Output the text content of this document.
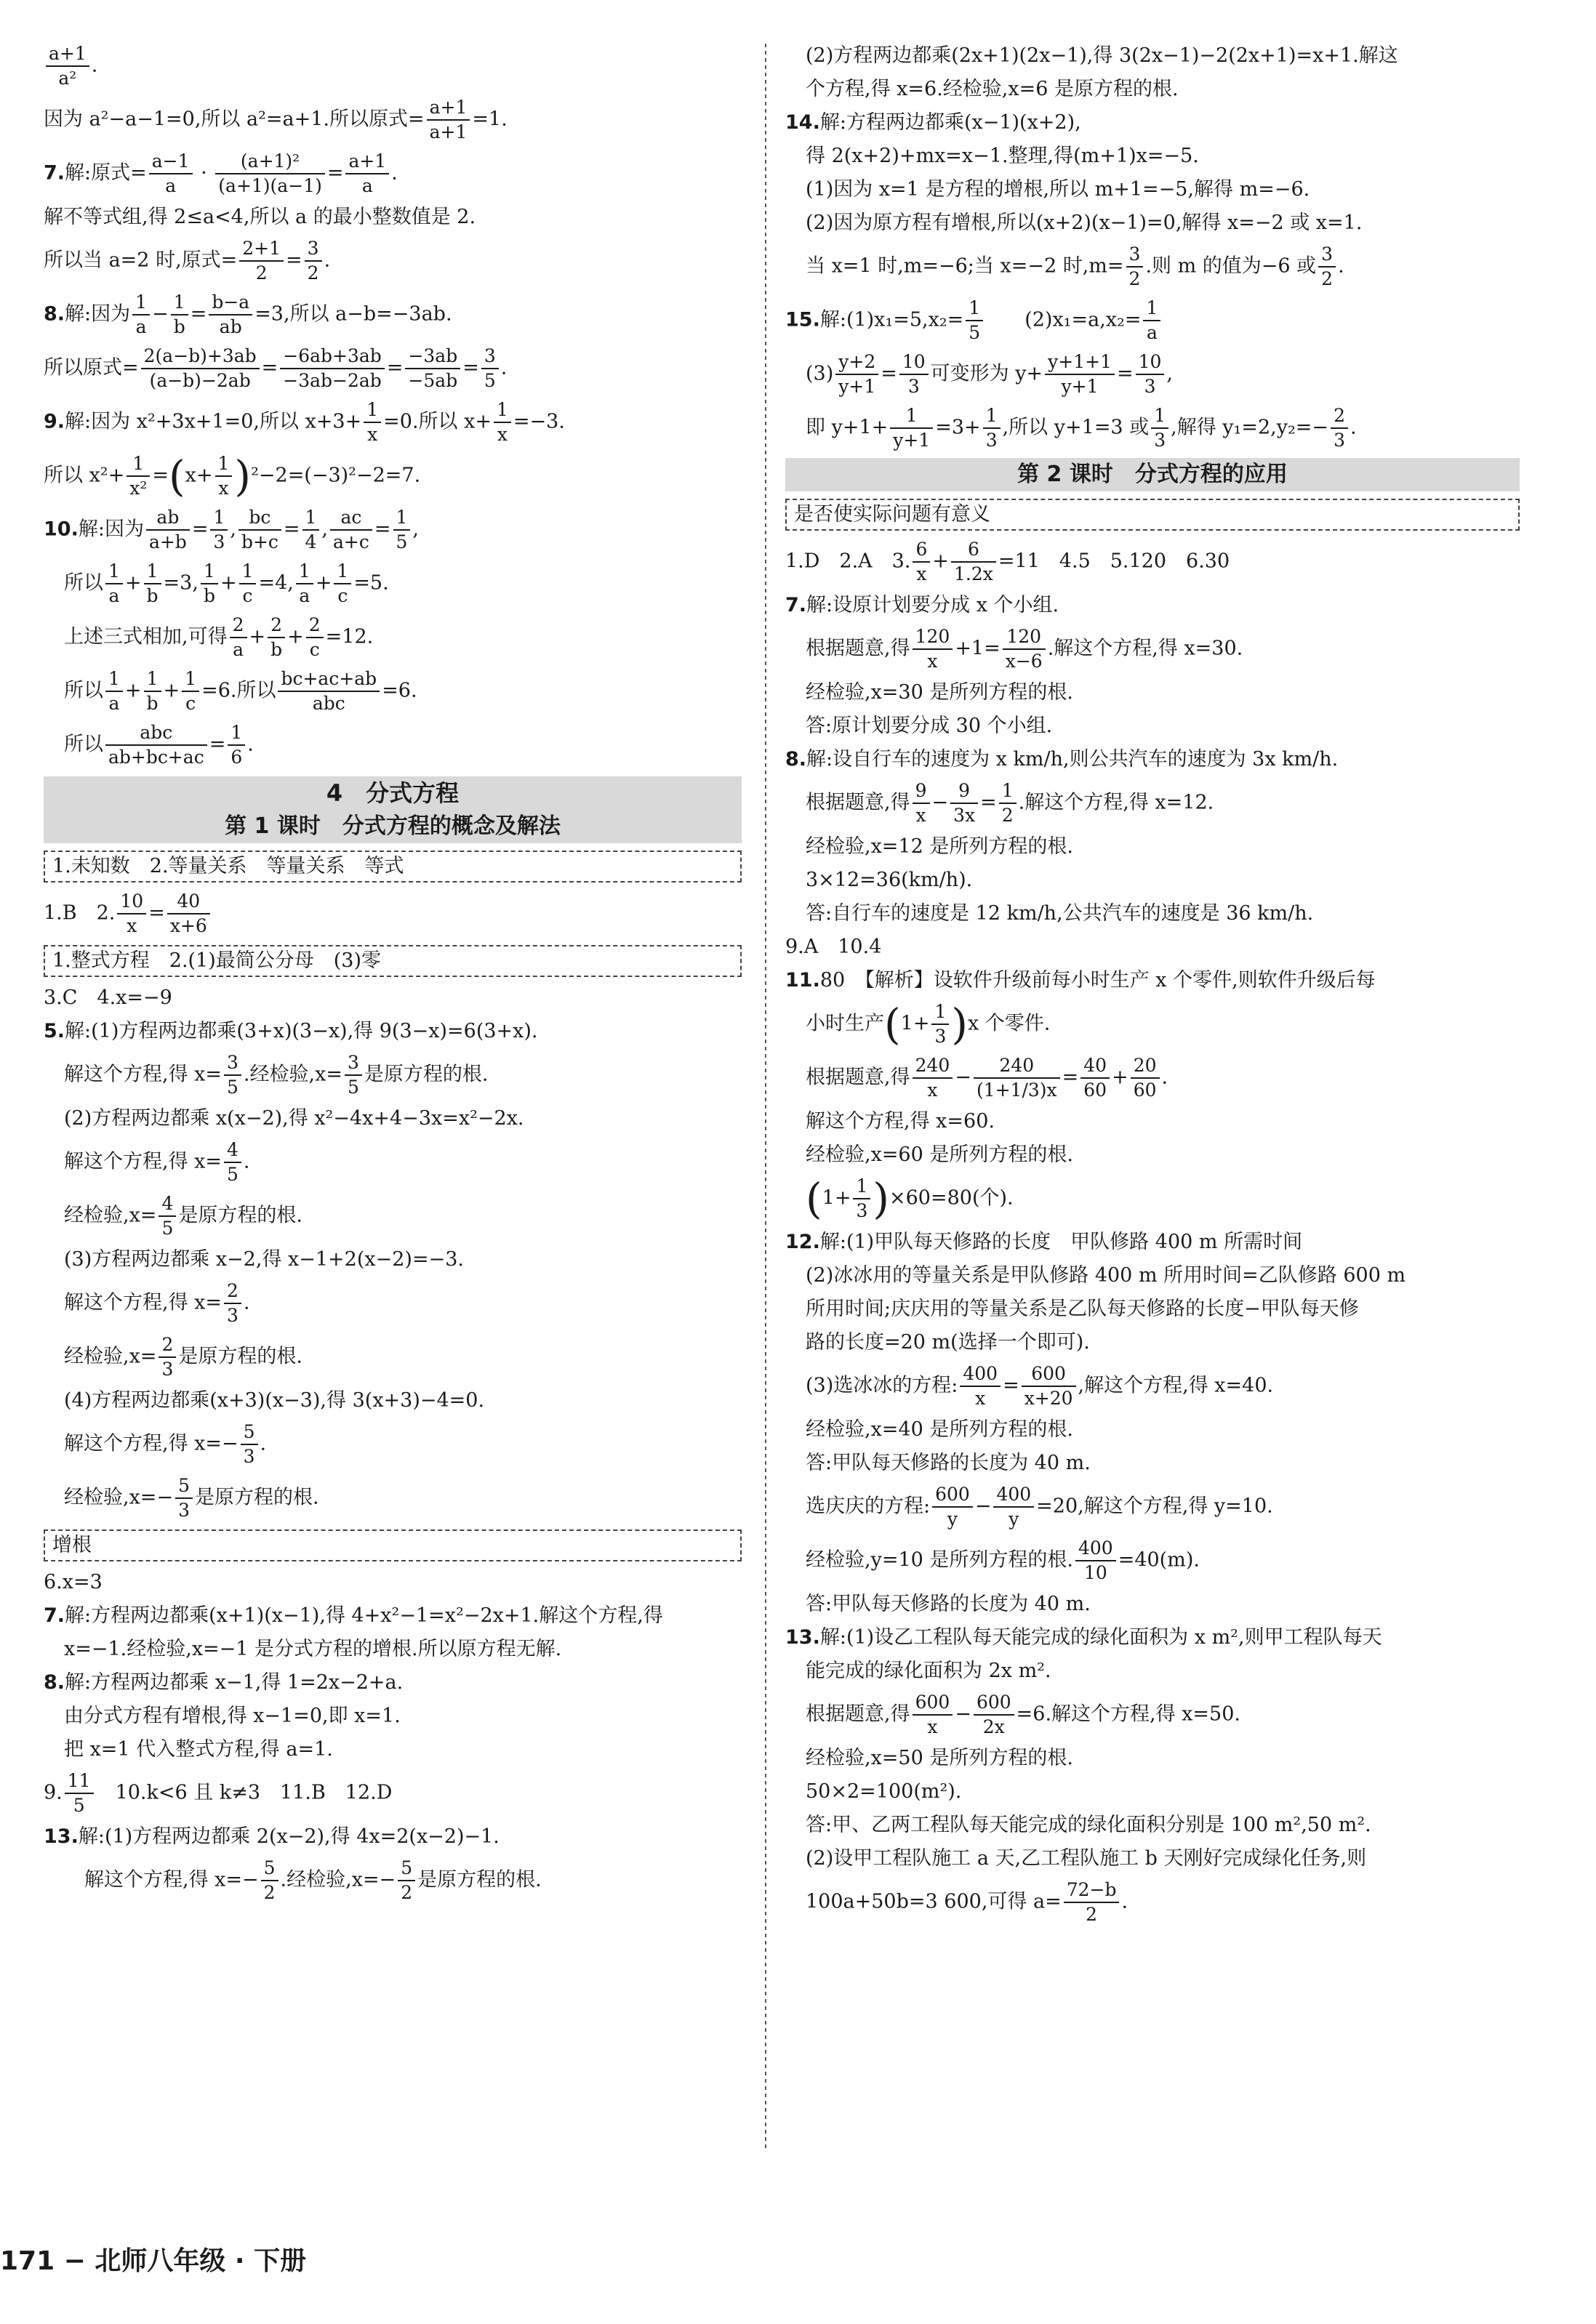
$\frac{a+1}{\text{a²}}$ .
因为 a²−a−1=0,所以 a²=a+1.所以原式= $\frac{a+1}{a+1} =1$.
7.解:原式= $\frac{a-1}{a} \cdot \frac{\text{(a+1)²}}{(a+1)(a-1)} = \frac{a+1}{a}$ .
解不等式组,得 2≤a<4,所以 a 的最小整数值是 2.
所以当 a=2 时,原式= $\frac{2+1}{2} = \frac{3}{2}$ .
8.解:因为 $\frac{1}{a} - \frac{1}{b} = \frac{b-a}{ab} =3$,所以 a−b=−3ab.
所以原式= $\frac{2(a-b)+3ab}{(a-b)-2ab} = \frac{-6ab+3ab}{-3ab-2ab} = \frac{-3ab}{-5ab} = \frac{3}{5}$ .
9.解:因为 x²+3x+1=0,所以 $x+3+ \frac{1}{x} =0$.所以 $x+ \frac{1}{x} =-3$.
所以 $x^2+ \frac{1}{\text{x²}} =(x+ \frac{1}{x} )^2-2=(-3)^2-2=7$.
10.解:因为 $\frac{ab}{a+b} = \frac{1}{3}$ , $\frac{bc}{b+c} = \frac{1}{4}$ , $\frac{ac}{a+c} = \frac{1}{5}$ ,
所以 $\frac{1}{a} + \frac{1}{b} =3$, $\frac{1}{b} + \frac{1}{c} =4$, $\frac{1}{a} + \frac{1}{c} =5$.
上述三式相加,可得 $\frac{2}{a} + \frac{2}{b} + \frac{2}{c} =12$.
所以 $\frac{1}{a} + \frac{1}{b} + \frac{1}{c} =6$.所以
bc+ac+ab
abc
=6.
所以
abc
ab+bc+ac
= $\frac{1}{6}$ .
4　分式方程
第 1 课时　分式方程的概念及解法
1.未知数　2.等量关系　等量关系　等式
1.B　2. $\frac{10}{x} = \frac{40}{x+6}$
1.整式方程　2.(1)最简公分母　(3)零
3.C　4.x=−9
5.解:(1)方程两边都乘(3+x)(3−x),得 9(3−x)=6(3+x).
解这个方程,得 $x= \frac{3}{5}$ .经检验$,x= \frac{3}{5}$ 是原方程的根.
(2)方程两边都乘 x(x−2),得 x²−4x+4−3x=x²−2x.
解这个方程,得 $x= \frac{4}{5}$ .
经检验$,x= \frac{4}{5}$ 是原方程的根.
(3)方程两边都乘 x−2,得 x−1+2(x−2)=−3.
解这个方程,得 $x= \frac{2}{3}$ .
经检验$,x= \frac{2}{3}$ 是原方程的根.
(4)方程两边都乘(x+3)(x−3),得 3(x+3)−4=0.
解这个方程,得 $x=- \frac{5}{3}$ .
经检验$,x=- \frac{5}{3}$ 是原方程的根.
增根
6.x=3
7.解:方程两边都乘(x+1)(x−1),得 4+x²−1=x²−2x+1.解这个方程,得
x=−1.经检验,x=−1 是分式方程的增根.所以原方程无解.
8.解:方程两边都乘 x−1,得 1=2x−2+a.
由分式方程有增根,得 x−1=0,即 x=1.
把 x=1 代入整式方程,得 a=1.
9. $\frac{11}{5}$ 　10.k<6 且 k≠3　11.B　12.D
13.解:(1)方程两边都乘 2(x−2),得 4x=2(x−2)−1.
解这个方程,得 $x=- \frac{5}{2}$ .经检验$,x=- \frac{5}{2}$ 是原方程的根.
(2)方程两边都乘(2x+1)(2x−1),得 3(2x−1)−2(2x+1)=x+1.解这
个方程,得 x=6.经检验,x=6 是原方程的根.
14.解:方程两边都乘(x−1)(x+2),
得 2(x+2)+mx=x−1.整理,得(m+1)x=−5.
(1)因为 x=1 是方程的增根,所以 m+1=−5,解得 m=−6.
(2)因为原方程有增根,所以(x+2)(x−1)=0,解得 x=−2 或 x=1.
当 x=1 时,m=−6;当 x=−2 时$,m= \frac{3}{2}$ .则 m 的值为−6 或 $\frac{3}{2}$ .
15.解:(1)x₁=5,x₂= $\frac{1}{5}$ 　　$(2)x_1=a,x_2= \frac{1}{a}$
$(3) \frac{y+2}{y+1} = \frac{10}{3}$ 可变形为 $y+ \frac{y+1+1}{y+1} = \frac{10}{3}$ ,
即 $y+1+ \frac{1}{y+1} =3+ \frac{1}{3}$ ,所以 y+1=3 或 $\frac{1}{3}$ ,解得 $y_1=2,y_2=- \frac{2}{3}$ .
第 2 课时　分式方程的应用
是否使实际问题有意义
1.D　2.A　3. $\frac{6}{x} + \frac{6}{1.2x} =11$　4.5　5.120　6.30
7.解:设原计划要分成 x 个小组.
根据题意,得 $\frac{120}{x} +1= \frac{120}{x-6}$ .解这个方程,得 x=30.
经检验,x=30 是所列方程的根.
答:原计划要分成 30 个小组.
8.解:设自行车的速度为 x km/h,则公共汽车的速度为 3x km/h.
根据题意,得 $\frac{9}{x} - \frac{9}{3x} = \frac{1}{2}$ .解这个方程,得 x=12.
经检验,x=12 是所列方程的根.
3×12=36(km/h).
答:自行车的速度是 12 km/h,公共汽车的速度是 36 km/h.
9.A　10.4
11.80　【解析】设软件升级前每小时生产 x 个零件,则软件升级后每
小时生产$(1+ \frac{1}{3} )x$ 个零件.
根据题意,得 $\frac{240}{x} - \frac{240}{(1+1/3)x} = \frac{40}{60} + \frac{20}{60}$ .
解这个方程,得 x=60.
经检验,x=60 是所列方程的根.
$(1+ \frac{1}{3} )\times 60=80$(个).
12.解:(1)甲队每天修路的长度　甲队修路 400 m 所需时间
(2)冰冰用的等量关系是甲队修路 400 m 所用时间=乙队修路 600 m
所用时间;庆庆用的等量关系是乙队每天修路的长度−甲队每天修
路的长度=20 m(选择一个即可).
(3)选冰冰的方程: $\frac{400}{x} = \frac{600}{x+20}$ ,解这个方程,得 x=40.
经检验,x=40 是所列方程的根.
答:甲队每天修路的长度为 40 m.
选庆庆的方程: $\frac{600}{y} - \frac{400}{y} =20$,解这个方程,得 y=10.
经检验,y=10 是所列方程的根. $\frac{400}{10} =40(m)$.
答:甲队每天修路的长度为 40 m.
13.解:(1)设乙工程队每天能完成的绿化面积为 x m²,则甲工程队每天
能完成的绿化面积为 2x m².
根据题意,得 $\frac{600}{x} - \frac{600}{2x} =6$.解这个方程,得 x=50.
经检验,x=50 是所列方程的根.
50×2=100(m²).
答:甲、乙两工程队每天能完成的绿化面积分别是 100 m²,50 m².
(2)设甲工程队施工 a 天,乙工程队施工 b 天刚好完成绿化任务,则
100a+50b=3 600,可得 $a= \frac{72-b}{2}$ .
171 − 北师八年级 · 下册
